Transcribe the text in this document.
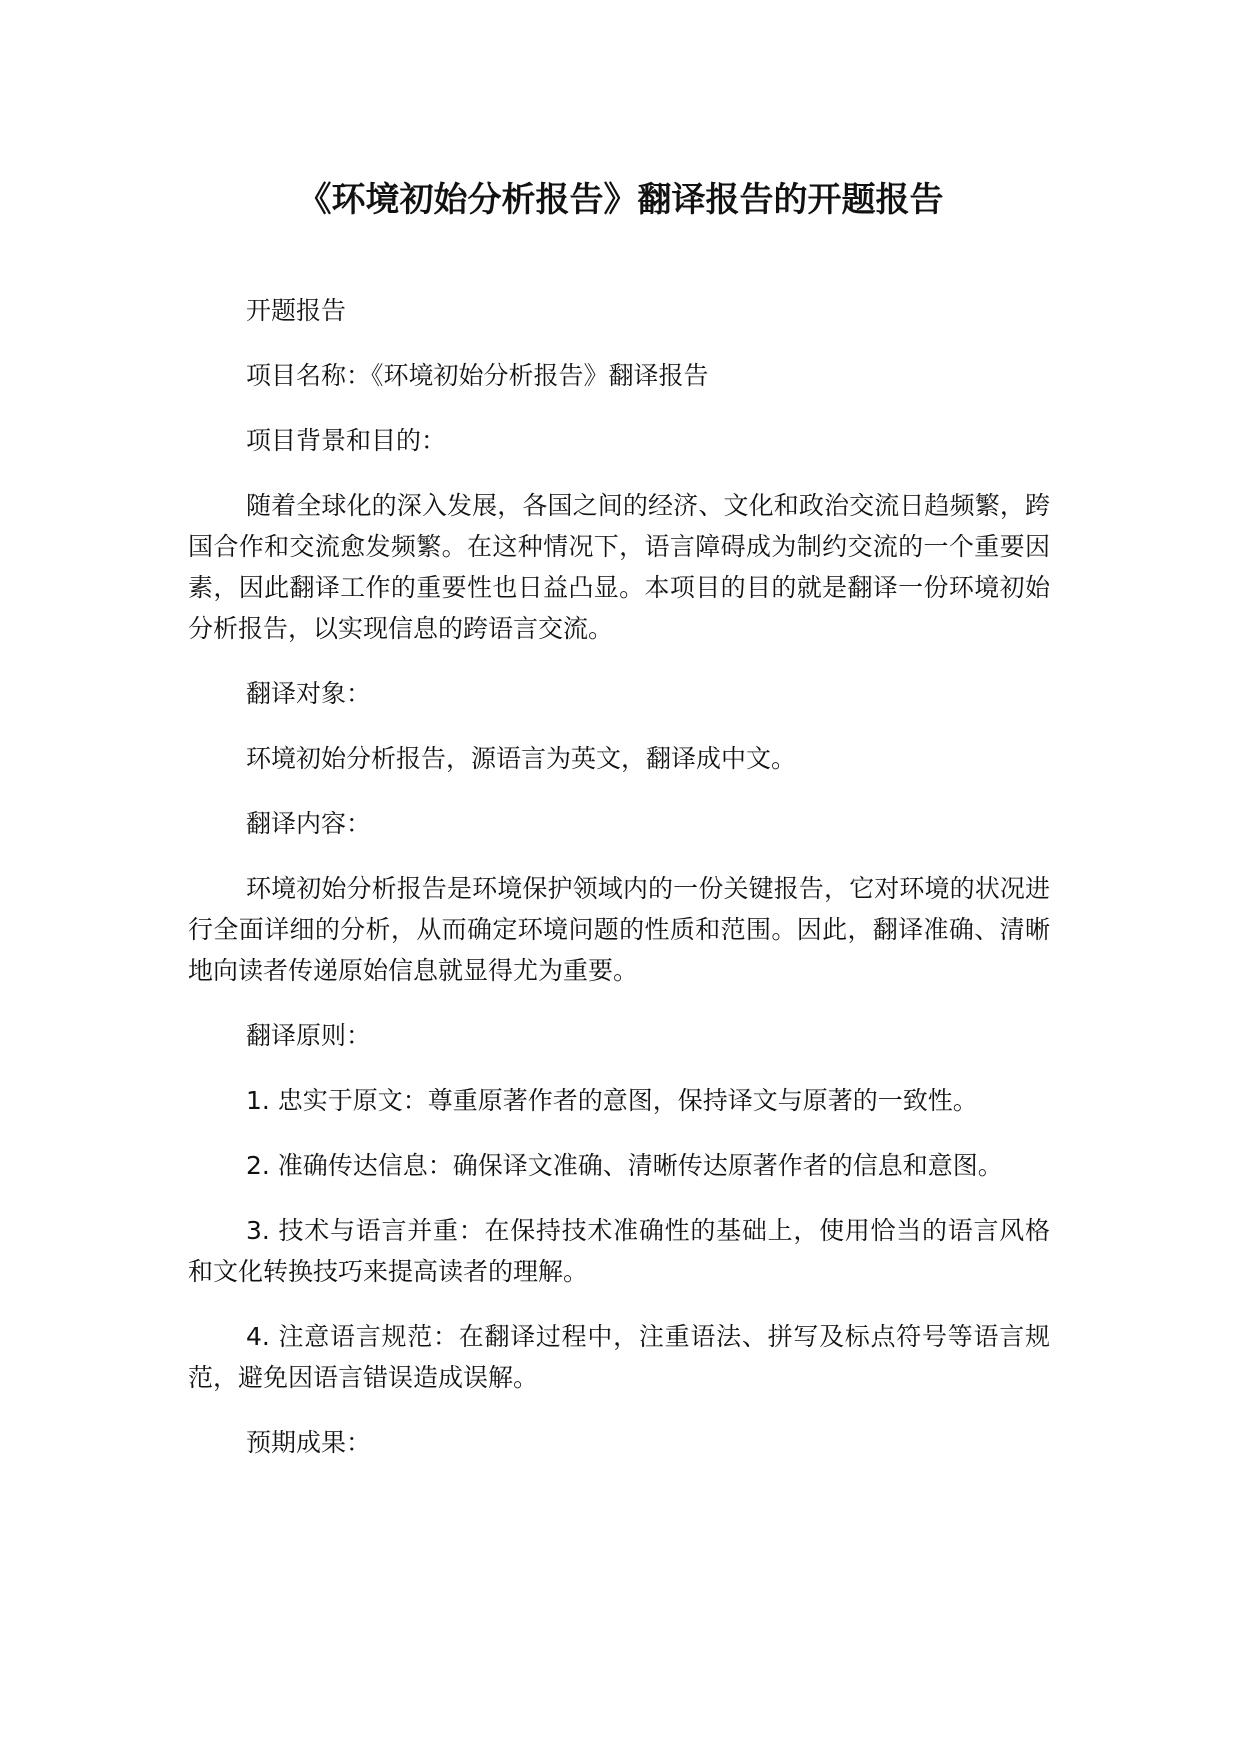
《环境初始分析报告》翻译报告的开题报告

开题报告

项目名称：《环境初始分析报告》翻译报告

项目背景和目的：

随着全球化的深入发展，各国之间的经济、文化和政治交流日趋频繁，跨国合作和交流愈发频繁。在这种情况下，语言障碍成为制约交流的一个重要因素，因此翻译工作的重要性也日益凸显。本项目的目的就是翻译一份环境初始分析报告，以实现信息的跨语言交流。

翻译对象：

环境初始分析报告，源语言为英文，翻译成中文。

翻译内容：

环境初始分析报告是环境保护领域内的一份关键报告，它对环境的状况进行全面详细的分析，从而确定环境问题的性质和范围。因此，翻译准确、清晰地向读者传递原始信息就显得尤为重要。

翻译原则：

1. 忠实于原文：尊重原著作者的意图，保持译文与原著的一致性。

2. 准确传达信息：确保译文准确、清晰传达原著作者的信息和意图。

3. 技术与语言并重：在保持技术准确性的基础上，使用恰当的语言风格和文化转换技巧来提高读者的理解。

4. 注意语言规范：在翻译过程中，注重语法、拼写及标点符号等语言规范，避免因语言错误造成误解。

预期成果：
